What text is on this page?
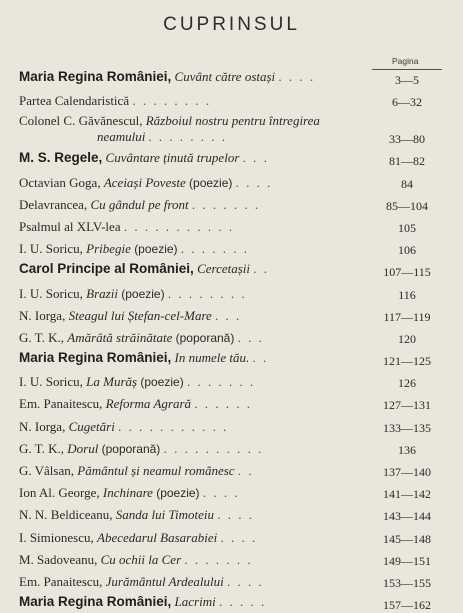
CUPRINSUL
Pagina
Maria Regina Romȃniei, Cuvȃnt către ostași . . . .	3—5
Partea Calendaristică . . . . . . . .	6—32
Colonel C. Găvănescul, Războiul nostru pentru întregirea
neamului . . . . . . . .	33—80
M. S. Regele, Cuvȃntare ținută trupelor . . .	81—82
Octavian Goga, Aceiași Poveste (poezie) . . . .	84
Delavrancea, Cu gȃndul pe front . . . . . . .	85—104
Psalmul al XLV-lea . . . . . . . . . . .	105
I. U. Soricu, Pribegie (poezie) . . . . . . .	106
Carol Principe al Romȃniei, Cercetașii . .	107—115
I. U. Soricu, Brazii (poezie) . . . . . . . .	116
N. Iorga, Steagul lui Ștefan-cel-Mare . . .	117—119
G. T. K., Amărâtă străinătate (poporană) . . .	120
Maria Regina Romȃniei, In numele tău. . .	121—125
I. U. Soricu, La Murăș (poezie) . . . . . . .	126
Em. Panaitescu, Reforma Agrară . . . . . .	127—131
N. Iorga, Cugetări . . . . . . . . . . .	133—135
G. T. K., Dorul (poporană) . . . . . . . . . .	136
G. Vâlsan, Pămȃntul și neamul romȃnesc . .	137—140
Ion Al. George, Inchinare (poezie) . . . .	141—142
N. N. Beldiceanu, Sanda lui Timoteiu . . . .	143—144
I. Simionescu, Abecedarul Basarabiei . . . .	145—148
M. Sadoveanu, Cu ochii la Cer . . . . . . .	149—151
Em. Panaitescu, Jurămȃntul Ardealului . . . .	153—155
Maria Regina Romȃniei, Lacrimi . . . . .	157—162
